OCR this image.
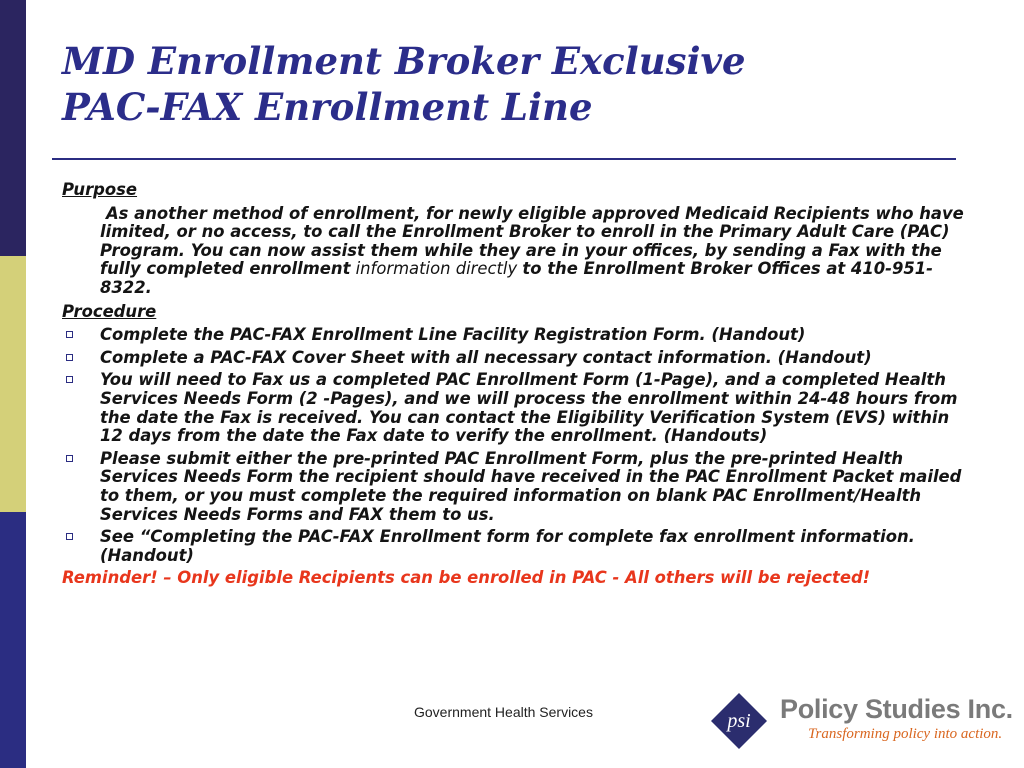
MD Enrollment Broker Exclusive
PAC-FAX Enrollment Line
Purpose

As another method of enrollment, for newly eligible approved Medicaid Recipients who have limited, or no access, to call the Enrollment Broker to enroll in the Primary Adult Care (PAC) Program. You can now assist them while they are in your offices, by sending a Fax with the fully completed enrollment information directly to the Enrollment Broker Offices at 410-951-8322.

Procedure
Complete the PAC-FAX Enrollment Line Facility Registration Form. (Handout)
Complete a PAC-FAX Cover Sheet with all necessary contact information. (Handout)
You will need to Fax us a completed PAC Enrollment Form (1-Page), and a completed Health Services Needs Form (2 -Pages), and we will process the enrollment within 24-48 hours from the date the Fax is received. You can contact the Eligibility Verification System (EVS) within 12 days from the date the Fax date to verify the enrollment. (Handouts)
Please submit either the pre-printed PAC Enrollment Form, plus the pre-printed Health Services Needs Form the recipient should have received in the PAC Enrollment Packet mailed to them, or you must complete the required information on blank PAC Enrollment/Health Services Needs Forms and FAX them to us.
See “Completing the PAC-FAX Enrollment form for complete fax enrollment information. (Handout)

Reminder! – Only eligible Recipients can be enrolled in PAC - All others will be rejected!

Government Health Services	psi Policy Studies Inc.
Transforming policy into action.
